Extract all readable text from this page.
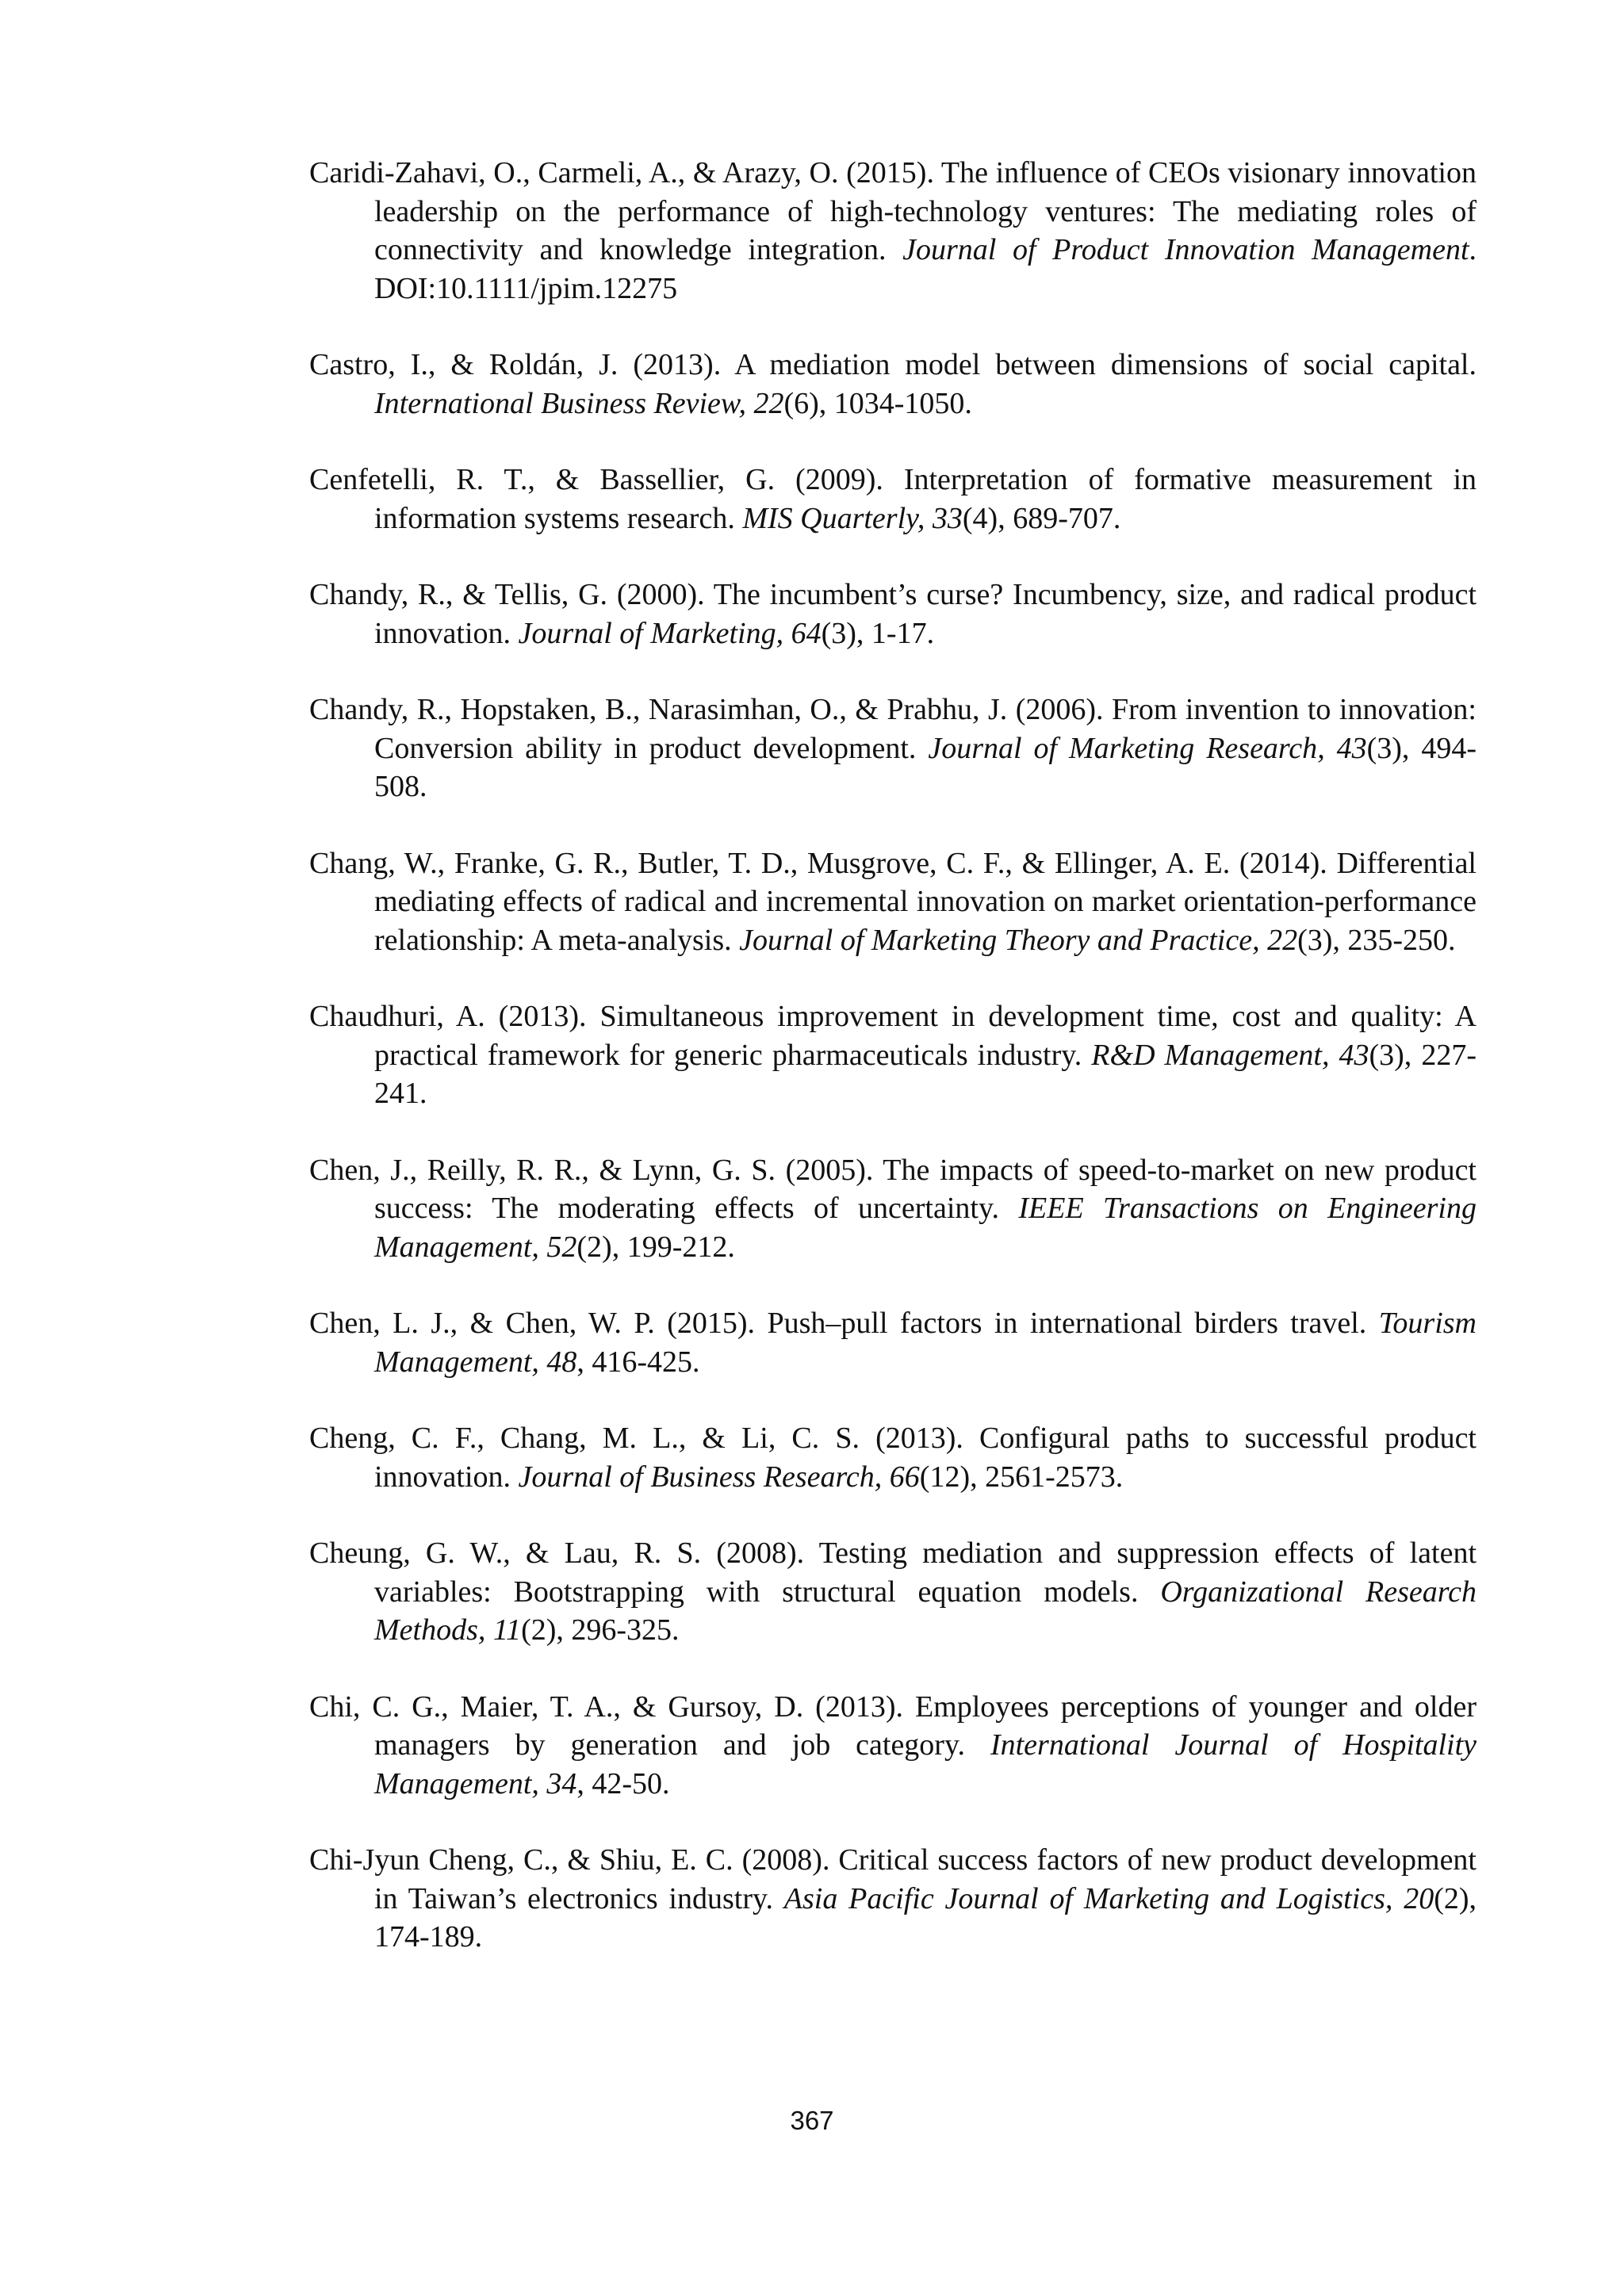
Caridi-Zahavi, O., Carmeli, A., & Arazy, O. (2015). The influence of CEOs visionary innovation leadership on the performance of high-technology ventures: The mediating roles of connectivity and knowledge integration. Journal of Product Innovation Management. DOI:10.1111/jpim.12275
Castro, I., & Roldán, J. (2013). A mediation model between dimensions of social capital. International Business Review, 22(6), 1034-1050.
Cenfetelli, R. T., & Bassellier, G. (2009). Interpretation of formative measurement in information systems research. MIS Quarterly, 33(4), 689-707.
Chandy, R., & Tellis, G. (2000). The incumbent’s curse? Incumbency, size, and radical product innovation. Journal of Marketing, 64(3), 1-17.
Chandy, R., Hopstaken, B., Narasimhan, O., & Prabhu, J. (2006). From invention to innovation: Conversion ability in product development. Journal of Marketing Research, 43(3), 494-508.
Chang, W., Franke, G. R., Butler, T. D., Musgrove, C. F., & Ellinger, A. E. (2014). Differential mediating effects of radical and incremental innovation on market orientation-performance relationship: A meta-analysis. Journal of Marketing Theory and Practice, 22(3), 235-250.
Chaudhuri, A. (2013). Simultaneous improvement in development time, cost and quality: A practical framework for generic pharmaceuticals industry. R&D Management, 43(3), 227-241.
Chen, J., Reilly, R. R., & Lynn, G. S. (2005). The impacts of speed-to-market on new product success: The moderating effects of uncertainty. IEEE Transactions on Engineering Management, 52(2), 199-212.
Chen, L. J., & Chen, W. P. (2015). Push–pull factors in international birders travel. Tourism Management, 48, 416-425.
Cheng, C. F., Chang, M. L., & Li, C. S. (2013). Configural paths to successful product innovation. Journal of Business Research, 66(12), 2561-2573.
Cheung, G. W., & Lau, R. S. (2008). Testing mediation and suppression effects of latent variables: Bootstrapping with structural equation models. Organizational Research Methods, 11(2), 296-325.
Chi, C. G., Maier, T. A., & Gursoy, D. (2013). Employees perceptions of younger and older managers by generation and job category. International Journal of Hospitality Management, 34, 42-50.
Chi-Jyun Cheng, C., & Shiu, E. C. (2008). Critical success factors of new product development in Taiwan’s electronics industry. Asia Pacific Journal of Marketing and Logistics, 20(2), 174-189.
367
